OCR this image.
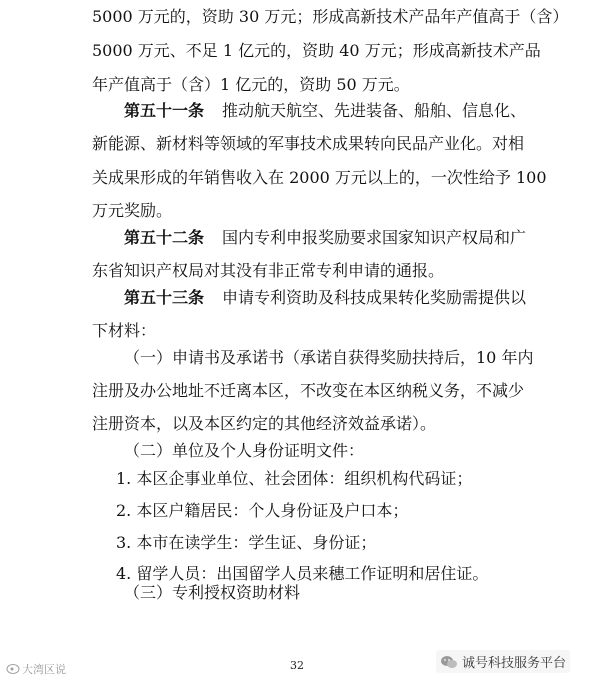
5000 万元的，资助 30 万元；形成高新技术产品年产值高于（含）
5000 万元、不足 1 亿元的，资助 40 万元；形成高新技术产品
年产值高于（含）1 亿元的，资助 50 万元。
第五十一条 推动航天航空、先进装备、船舶、信息化、
新能源、新材料等领域的军事技术成果转向民品产业化。对相
关成果形成的年销售收入在 2000 万元以上的，一次性给予 100
万元奖励。
第五十二条 国内专利申报奖励要求国家知识产权局和广
东省知识产权局对其没有非正常专利申请的通报。
第五十三条 申请专利资助及科技成果转化奖励需提供以
下材料：
（一）申请书及承诺书（承诺自获得奖励扶持后，10 年内
注册及办公地址不迁离本区，不改变在本区纳税义务，不减少
注册资本，以及本区约定的其他经济效益承诺）。
（二）单位及个人身份证明文件：
1. 本区企事业单位、社会团体：组织机构代码证；
2. 本区户籍居民：个人身份证及户口本；
3. 本市在读学生：学生证、身份证；
4. 留学人员：出国留学人员来穗工作证明和居住证。
32
大湾区说	诚号科技服务平台
（三）专利授权资助材料
